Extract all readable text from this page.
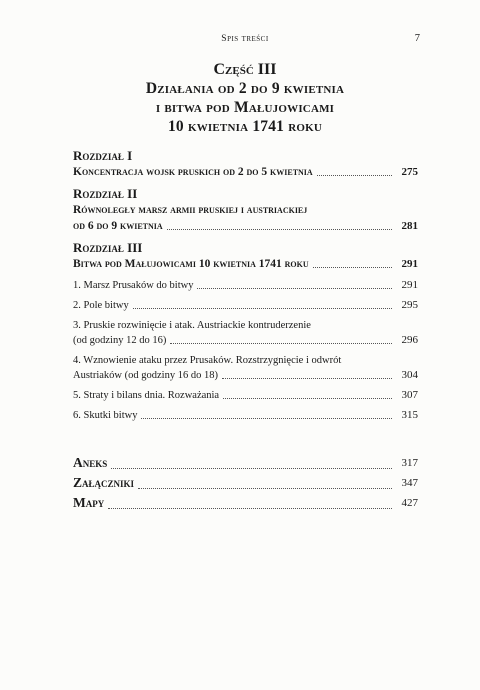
Spis treści	7
Część III
Działania od 2 do 9 kwietnia
i bitwa pod Małujowicami
10 kwietnia 1741 roku
Rozdział I
Koncentracja wojsk pruskich od 2 do 5 kwietnia	275
Rozdział II
Równoległy marsz armii pruskiej i austriackiej
od 6 do 9 kwietnia	281
Rozdział III
Bitwa pod Małujowicami 10 kwietnia 1741 roku	291
1. Marsz Prusaków do bitwy	291
2. Pole bitwy	295
3. Pruskie rozwinięcie i atak. Austriackie kontruderzenie
(od godziny 12 do 16)	296
4. Wznowienie ataku przez Prusaków. Rozstrzygnięcie i odwrót
Austriaków (od godziny 16 do 18)	304
5. Straty i bilans dnia. Rozważania	307
6. Skutki bitwy	315
Aneks	317
Załączniki	347
Mapy	427
